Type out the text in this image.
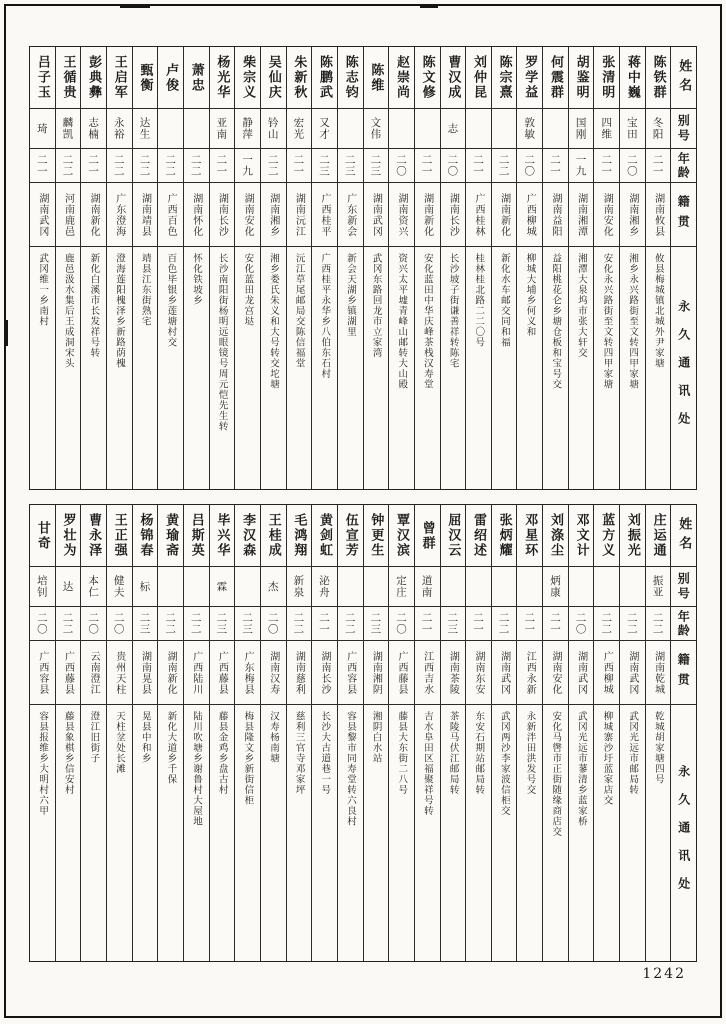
吕子玉
琦
二一
湖南武冈
武冈维一乡南村
王循贵
麟凯
二二
河南鹿邑
鹿邑汲水集后王成洞宋头
彭典彝
志楠
二一
湖南新化
新化白溪市长发祥号转
王启军
永裕
二二
广东澄海
澄海莲阳槐泽乡新路荫槐
甄衡
达生
二二
湖南靖县
靖县江东街熟宅
卢俊
二二
广西百色
百色毕银乡莲塘村交
萧忠
二二
湖南怀化
怀化铁坡乡
杨光华
亚南
二一
湖南长沙
长沙南阳街杨明远眼镜号周元恺先生转
柴宗义
静萍
一九
湖南安化
安化蓝田龙宫垯
吴仙庆
钤山
二二
湖南湘乡
湘乡娄氏朱义和大号转交坨塘
朱新秋
宏光
二一
湖南沅江
沅江草尾邮局交陈信福堂
陈鹏武
又才
二三
广西桂平
广西桂平永华乡八伯东石村
陈志钧
二三
广东新会
新会天湖乡镇湖里
陈维
文伟
二三
湖南武冈
武冈东路回龙市立家湾
赵崇尚
二〇
湖南资兴
资兴太平墟青峰山邮转大山殿
陈文修
二一
湖南新化
安化蓝田中华庆峰茶栈汉寿堂
曹汉成
志
二〇
湖南长沙
长沙坡子街谦善祥转陈宅
刘仲昆
二一
广西桂林
桂林桂北路二二〇号
陈宗熹
二二
湖南新化
新化水车邮交同和福
罗学益
敦敏
二〇
广西柳城
柳城大埔乡何义和
何震群
二一
湖南益阳
益阳桃花仑乡塘仓板和宝号交
胡鉴明
国刚
一九
湖南湘潭
湘潭大泉坞市张大轩交
张清明
四维
二一
湖南安化
安化永兴路街至文转四甲家塘
蒋中巍
宝田
二〇
湖南湘乡
湘乡永兴路街至文转四甲家塘
陈铁群
冬阳
二一
湖南攸县
攸县梅城镇北城外尹家塘
姓名
别号
年龄
籍贯
永久通讯处
甘奇
培钊
二〇
广西容县
容县报维乡大明村六甲
罗壮为
达
二二
广西藤县
藤县象棋乡信安村
曹永泽
本仁
二〇
云南澄江
澄江旧街子
王正强
健夫
二〇
贵州天柱
天柱坌处长滩
杨锦春
标
二三
湖南晃县
晃县中和乡
黄瑜斋
二二
湖南新化
新化大道乡千保
吕斯英
二二
广西陆川
陆川吹塘乡谢鲁村大屋地
毕兴华
霖
二三
广西藤县
藤县金鸡乡盘古村
李汉森
二三
广东梅县
梅县隆文乡新街信柜
王桂成
杰
二〇
湖南汉寿
汉寿杨南塘
毛鸿翔
新泉
二二
湖南慈利
慈利三官寺邓家坪
黄剑虹
泌舟
二一
湖南长沙
长沙大古道巷一号
伍宣芳
二二
广西容县
容县黎市同寿堂转六良村
钟更生
二三
湖南湘阴
湘阴白水站
覃汉滨
定庄
二〇
广西藤县
藤县大东街二八号
曾群
道南
二一
江西吉水
吉水阜田区福聚祥号转
屈汉云
二三
湖南茶陵
茶陵马伏江邮局转
雷绍述
二一
湖南东安
东安石期站邮局转
张炳耀
二二
湖南武冈
武冈两沙李家波信柜交
邓星环
二一
江西永新
永新泮田洪发号交
刘涤尘
炳康
二一
湖南安化
安化马辔市正街随缘商店交
邓文计
二〇
湖南武冈
武冈光远市蓼清乡蓝家桥
蓝方义
二二
广西柳城
柳城寨沙圩蓝家店交
刘振光
二二
湖南武冈
武冈光远市邮局转
庄运通
振亚
二二
湖南乾城
乾城胡家塘四号
姓名
别号
年龄
籍贯
永久通讯处
1242
